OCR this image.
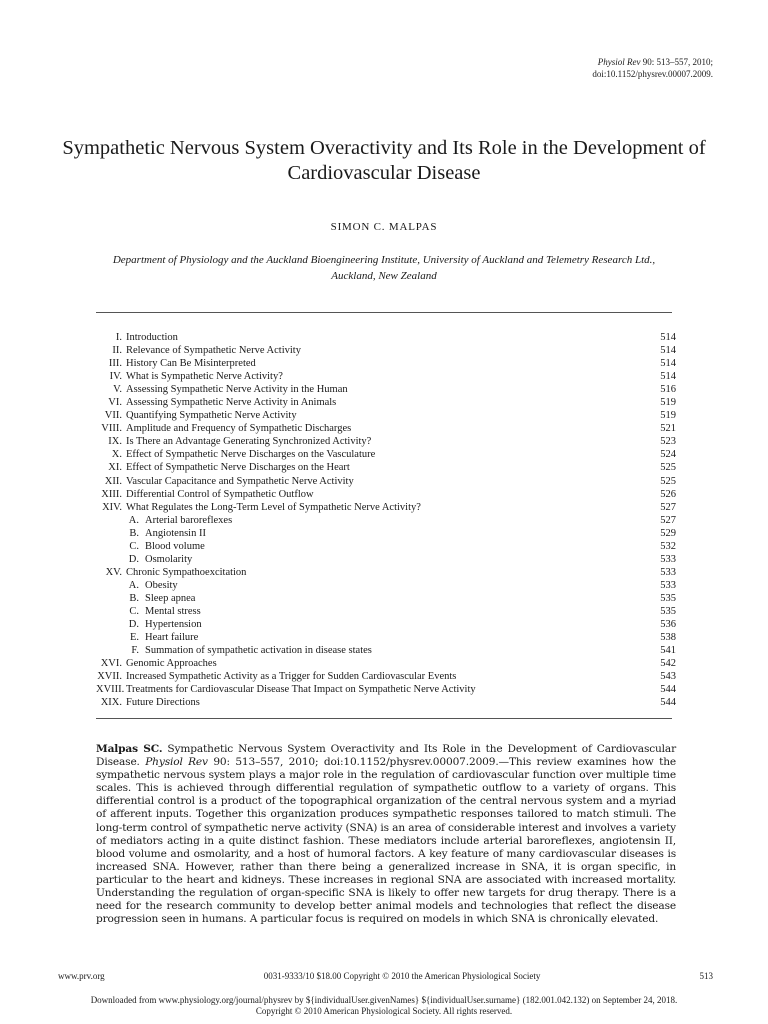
Physiol Rev 90: 513–557, 2010;
doi:10.1152/physrev.00007.2009.
Sympathetic Nervous System Overactivity and Its Role in the Development of Cardiovascular Disease
SIMON C. MALPAS
Department of Physiology and the Auckland Bioengineering Institute, University of Auckland and Telemetry Research Ltd., Auckland, New Zealand
I. Introduction	514
II. Relevance of Sympathetic Nerve Activity	514
III. History Can Be Misinterpreted	514
IV. What is Sympathetic Nerve Activity?	514
V. Assessing Sympathetic Nerve Activity in the Human	516
VI. Assessing Sympathetic Nerve Activity in Animals	519
VII. Quantifying Sympathetic Nerve Activity	519
VIII. Amplitude and Frequency of Sympathetic Discharges	521
IX. Is There an Advantage Generating Synchronized Activity?	523
X. Effect of Sympathetic Nerve Discharges on the Vasculature	524
XI. Effect of Sympathetic Nerve Discharges on the Heart	525
XII. Vascular Capacitance and Sympathetic Nerve Activity	525
XIII. Differential Control of Sympathetic Outflow	526
XIV. What Regulates the Long-Term Level of Sympathetic Nerve Activity?	527
A. Arterial baroreflexes	527
B. Angiotensin II	529
C. Blood volume	532
D. Osmolarity	533
XV. Chronic Sympathoexcitation	533
A. Obesity	533
B. Sleep apnea	535
C. Mental stress	535
D. Hypertension	536
E. Heart failure	538
F. Summation of sympathetic activation in disease states	541
XVI. Genomic Approaches	542
XVII. Increased Sympathetic Activity as a Trigger for Sudden Cardiovascular Events	543
XVIII. Treatments for Cardiovascular Disease That Impact on Sympathetic Nerve Activity	544
XIX. Future Directions	544
Malpas SC. Sympathetic Nervous System Overactivity and Its Role in the Development of Cardiovascular Disease. Physiol Rev 90: 513–557, 2010; doi:10.1152/physrev.00007.2009.—This review examines how the sympathetic nervous system plays a major role in the regulation of cardiovascular function over multiple time scales. This is achieved through differential regulation of sympathetic outflow to a variety of organs. This differential control is a product of the topographical organization of the central nervous system and a myriad of afferent inputs. Together this organization produces sympathetic responses tailored to match stimuli. The long-term control of sympathetic nerve activity (SNA) is an area of considerable interest and involves a variety of mediators acting in a quite distinct fashion. These mediators include arterial baroreflexes, angiotensin II, blood volume and osmolarity, and a host of humoral factors. A key feature of many cardiovascular diseases is increased SNA. However, rather than there being a generalized increase in SNA, it is organ specific, in particular to the heart and kidneys. These increases in regional SNA are associated with increased mortality. Understanding the regulation of organ-specific SNA is likely to offer new targets for drug therapy. There is a need for the research community to develop better animal models and technologies that reflect the disease progression seen in humans. A particular focus is required on models in which SNA is chronically elevated.
www.prv.org	0031-9333/10 $18.00 Copyright © 2010 the American Physiological Society	513
Downloaded from www.physiology.org/journal/physrev by ${individualUser.givenNames} ${individualUser.surname} (182.001.042.132) on September 24, 2018.
Copyright © 2010 American Physiological Society. All rights reserved.
